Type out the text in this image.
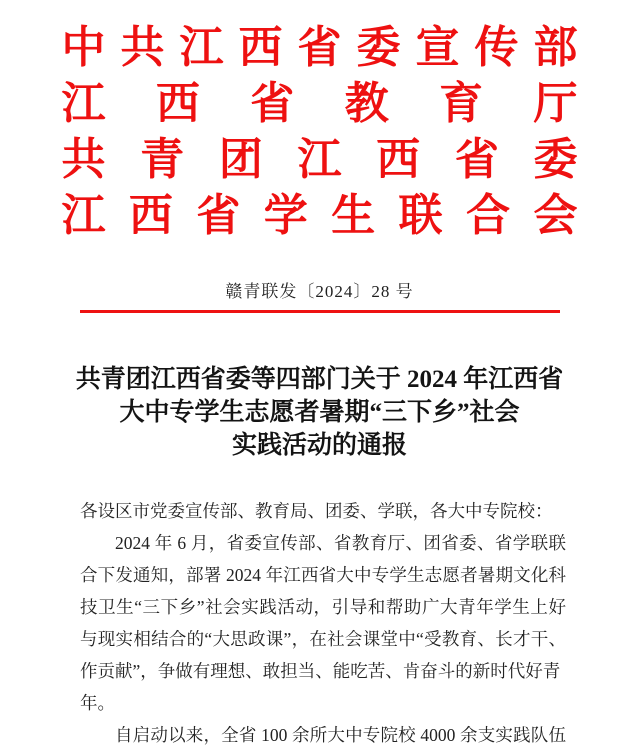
中共江西省委宣传部
江西省教育厅
共青团江西省委
江西省学生联合会
赣青联发〔2024〕28 号
共青团江西省委等四部门关于 2024 年江西省
大中专学生志愿者暑期“三下乡”社会
实践活动的通报
各设区市党委宣传部、教育局、团委、学联，各大中专院校：
2024 年 6 月，省委宣传部、省教育厅、团省委、省学联联
合下发通知，部署 2024 年江西省大中专学生志愿者暑期文化科
技卫生“三下乡”社会实践活动，引导和帮助广大青年学生上好
与现实相结合的“大思政课”，在社会课堂中“受教育、长才干、
作贡献”，争做有理想、敢担当、能吃苦、肯奋斗的新时代好青年。
自启动以来，全省 100 余所大中专院校 4000 余支实践队伍
